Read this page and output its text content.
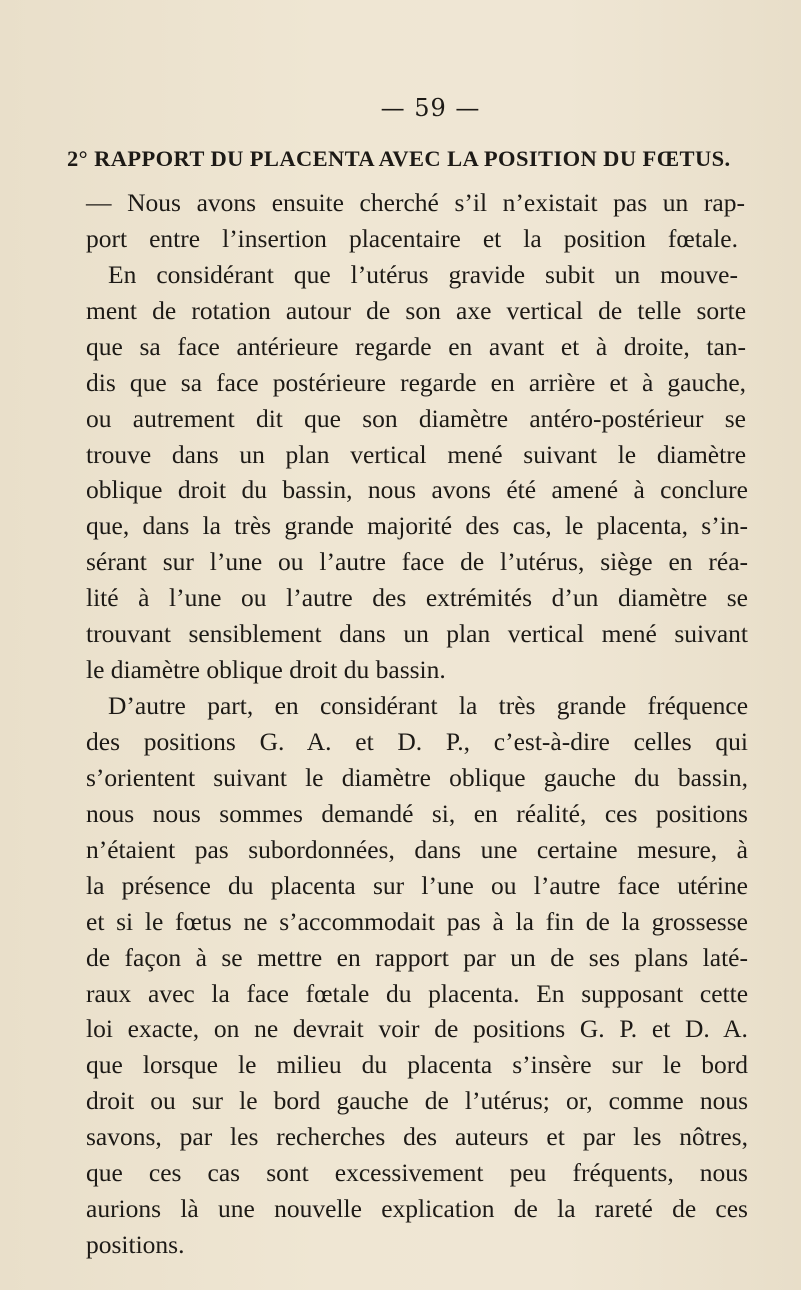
— 59 —
2° RAPPORT DU PLACENTA AVEC LA POSITION DU FŒTUS.
— Nous avons ensuite cherché s’il n’existait pas un rap-
port entre l’insertion placentaire et la position fœtale.
En considérant que l’utérus gravide subit un mouve-
ment de rotation autour de son axe vertical de telle sorte
que sa face antérieure regarde en avant et à droite, tan-
dis que sa face postérieure regarde en arrière et à gauche,
ou autrement dit que son diamètre antéro-postérieur se
trouve dans un plan vertical mené suivant le diamètre
oblique droit du bassin, nous avons été amené à conclure
que, dans la très grande majorité des cas, le placenta, s’in-
sérant sur l’une ou l’autre face de l’utérus, siège en réa-
lité à l’une ou l’autre des extrémités d’un diamètre se
trouvant sensiblement dans un plan vertical mené suivant
le diamètre oblique droit du bassin.
D’autre part, en considérant la très grande fréquence
des positions G. A. et D. P., c’est-à-dire celles qui
s’orientent suivant le diamètre oblique gauche du bassin,
nous nous sommes demandé si, en réalité, ces positions
n’étaient pas subordonnées, dans une certaine mesure, à
la présence du placenta sur l’une ou l’autre face utérine
et si le fœtus ne s’accommodait pas à la fin de la grossesse
de façon à se mettre en rapport par un de ses plans laté-
raux avec la face fœtale du placenta. En supposant cette
loi exacte, on ne devrait voir de positions G. P. et D. A.
que lorsque le milieu du placenta s’insère sur le bord
droit ou sur le bord gauche de l’utérus; or, comme nous
savons, par les recherches des auteurs et par les nôtres,
que ces cas sont excessivement peu fréquents, nous
aurions là une nouvelle explication de la rareté de ces
positions.
